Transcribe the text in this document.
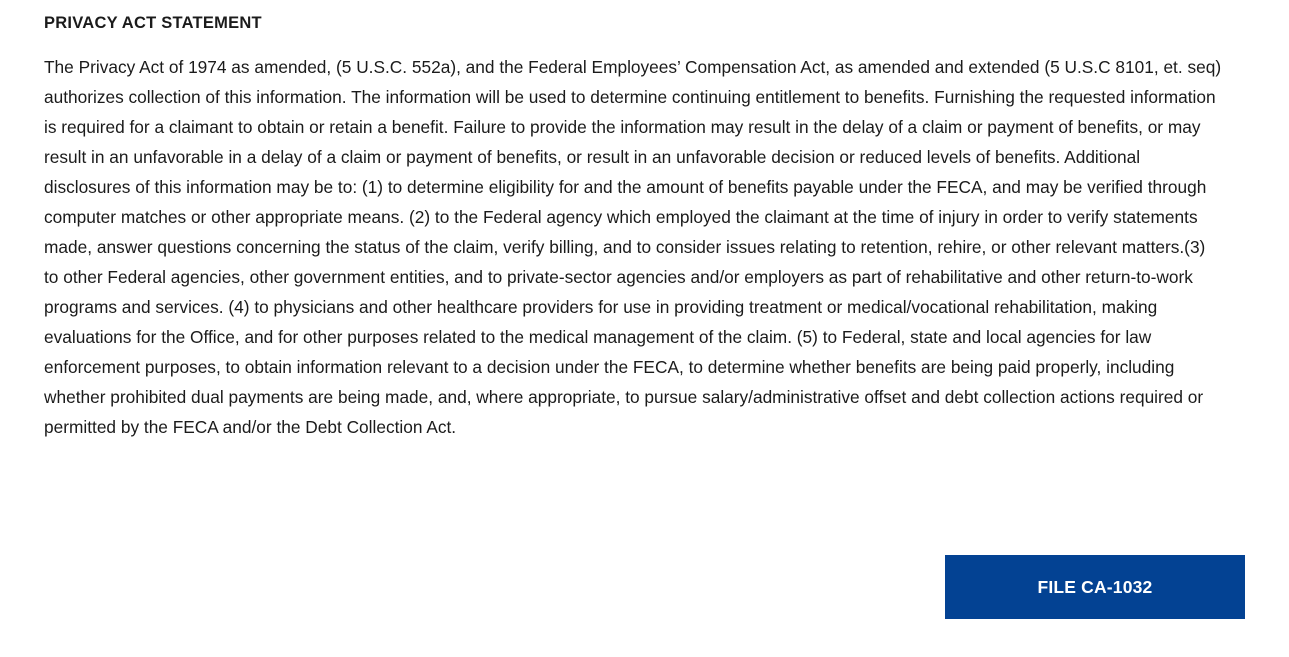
PRIVACY ACT STATEMENT

The Privacy Act of 1974 as amended, (5 U.S.C. 552a), and the Federal Employees’ Compensation Act, as amended and extended (5 U.S.C 8101, et. seq) authorizes collection of this information. The information will be used to determine continuing entitlement to benefits. Furnishing the requested information is required for a claimant to obtain or retain a benefit. Failure to provide the information may result in the delay of a claim or payment of benefits, or may result in an unfavorable in a delay of a claim or payment of benefits, or result in an unfavorable decision or reduced levels of benefits. Additional disclosures of this information may be to: (1) to determine eligibility for and the amount of benefits payable under the FECA, and may be verified through computer matches or other appropriate means. (2) to the Federal agency which employed the claimant at the time of injury in order to verify statements made, answer questions concerning the status of the claim, verify billing, and to consider issues relating to retention, rehire, or other relevant matters.(3) to other Federal agencies, other government entities, and to private-sector agencies and/or employers as part of rehabilitative and other return-to-work programs and services. (4) to physicians and other healthcare providers for use in providing treatment or medical/vocational rehabilitation, making evaluations for the Office, and for other purposes related to the medical management of the claim. (5) to Federal, state and local agencies for law enforcement purposes, to obtain information relevant to a decision under the FECA, to determine whether benefits are being paid properly, including whether prohibited dual payments are being made, and, where appropriate, to pursue salary/administrative offset and debt collection actions required or permitted by the FECA and/or the Debt Collection Act.

FILE CA-1032
